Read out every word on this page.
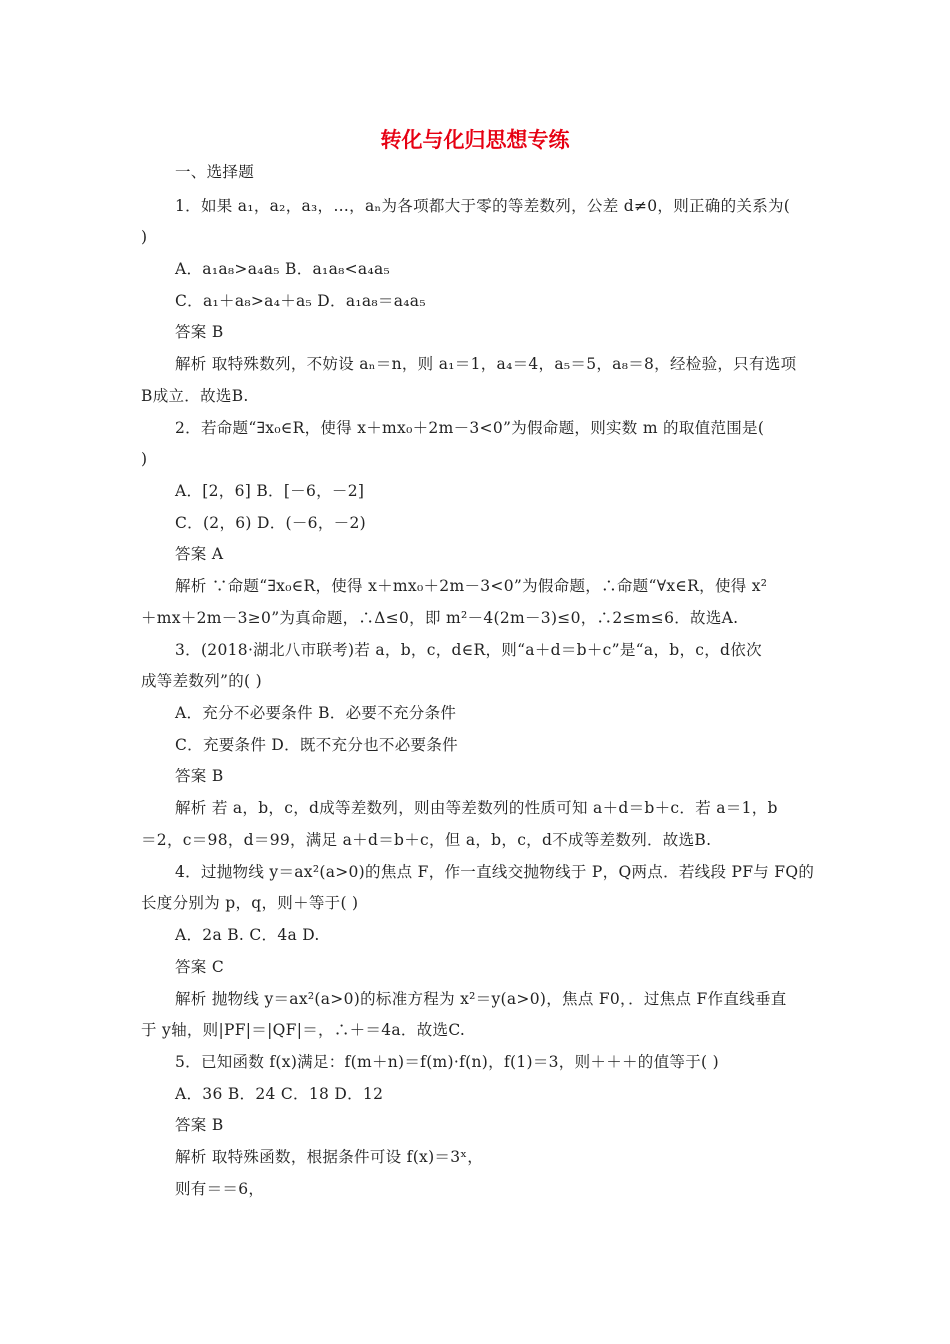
转化与化归思想专练
一、选择题
1．如果 a₁，a₂，a₃，…，aₙ为各项都大于零的等差数列，公差 d≠0，则正确的关系为(
)
A．a₁a₈>a₄a₅ B．a₁a₈<a₄a₅
C．a₁＋a₈>a₄＋a₅ D．a₁a₈＝a₄a₅
答案 B
解析 取特殊数列，不妨设 aₙ＝n，则 a₁＝1，a₄＝4，a₅＝5，a₈＝8，经检验，只有选项
B成立．故选B.
2．若命题“∃x₀∈R，使得 x＋mx₀＋2m－3<0”为假命题，则实数 m 的取值范围是(
)
A．[2，6] B．[－6，－2]
C．(2，6) D．(－6，－2)
答案 A
解析 ∵命题“∃x₀∈R，使得 x＋mx₀＋2m－3<0”为假命题，∴命题“∀x∈R，使得 x²
＋mx＋2m－3≥0”为真命题，∴Δ≤0，即 m²－4(2m－3)≤0，∴2≤m≤6．故选A.
3．(2018·湖北八市联考)若 a，b，c，d∈R，则“a＋d＝b＋c”是“a，b，c，d依次
成等差数列”的( )
A．充分不必要条件 B．必要不充分条件
C．充要条件 D．既不充分也不必要条件
答案 B
解析 若 a，b，c，d成等差数列，则由等差数列的性质可知 a＋d＝b＋c．若 a＝1，b
＝2，c＝98，d＝99，满足 a＋d＝b＋c，但 a，b，c，d不成等差数列．故选B.
4．过抛物线 y＝ax²(a>0)的焦点 F，作一直线交抛物线于 P，Q两点．若线段 PF与 FQ的
长度分别为 p，q，则＋等于( )
A．2a B. C．4a D.
答案 C
解析 抛物线 y＝ax²(a>0)的标准方程为 x²＝y(a>0)，焦点 F0，．过焦点 F作直线垂直
于 y轴，则|PF|＝|QF|＝，∴＋＝4a．故选C.
5．已知函数 f(x)满足：f(m＋n)＝f(m)·f(n)，f(1)＝3，则＋＋＋的值等于( )
A．36 B．24 C．18 D．12
答案 B
解析 取特殊函数，根据条件可设 f(x)＝3ˣ，
则有＝＝6，
